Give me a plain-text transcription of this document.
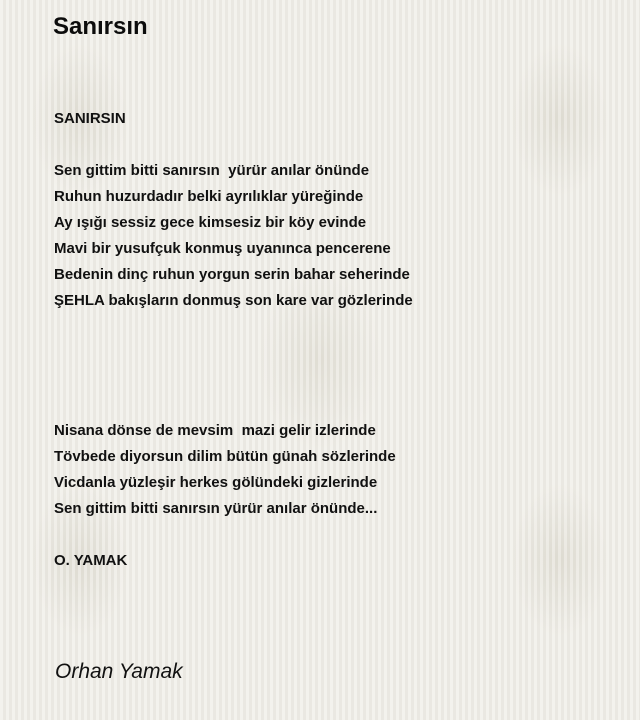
Sanırsın
SANIRSIN
Sen gittim bitti sanırsın  yürür anılar önünde
Ruhun huzurdadır belki ayrılıklar yüreğinde
Ay ışığı sessiz gece kimsesiz bir köy evinde
Mavi bir yusufçuk konmuş uyanınca pencerene
Bedenin dinç ruhun yorgun serin bahar seherinde
ŞEHLA bakışların donmuş son kare var gözlerinde
Nisana dönse de mevsim  mazi gelir izlerinde
Tövbede diyorsun dilim bütün günah sözlerinde
Vicdanla yüzleşir herkes gölündeki gizlerinde
Sen gittim bitti sanırsın yürür anılar önünde...
O. YAMAK
Orhan Yamak
